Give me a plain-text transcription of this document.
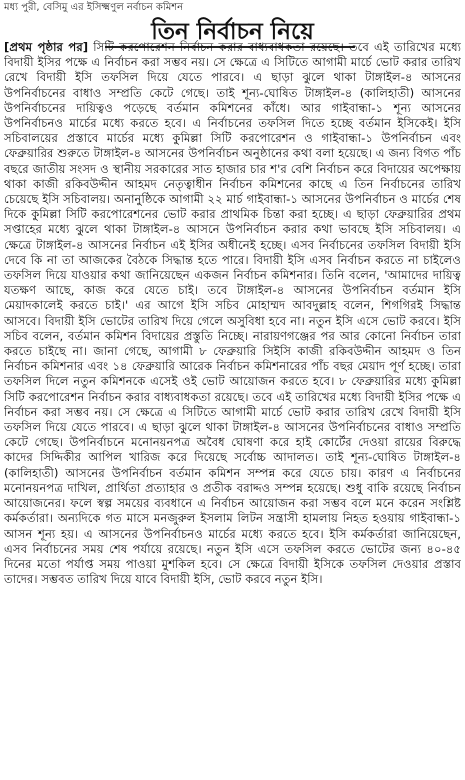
মধ্য পুরী, বেসিমু এর ইসিক্ষ্মণুল নর্বাচন কমিশন
তিন নির্বাচন নিয়ে

[প্রথম পৃষ্ঠার পর] সিটি করপোরেশন নির্বাচন করার বাধ্যবাধকতা রয়েছে। তবে এই তারিখের মধ্যে বিদায়ী ইসির পক্ষে এ নির্বাচন করা সম্ভব নয়। সে ক্ষেত্রে এ সিটিতে আগামী মার্চে ভোট করার তারিখ রেখে বিদায়ী ইসি তফসিল দিয়ে যেতে পারবে। এ ছাড়া ঝুলে থাকা টাঙ্গাইল-৪ আসনের উপনির্বাচনের বাধাও সম্প্রতি কেটে গেছে। তাই শূন্য-ঘোষিত টাঙ্গাইল-৪ (কালিহাতী) আসনের উপনির্বাচনের দায়িত্বও পড়েছে বর্তমান কমিশনের কাঁধে। আর গাইবান্ধা-১ শূন্য আসনের উপনির্বাচনও মার্চের মধ্যে করতে হবে। এ নির্বাচনের তফসিল দিতে হচ্ছে বর্তমান ইসিকেই। ইসি সচিবালয়ের প্রস্তাবে মার্চের মধ্যে কুমিল্লা সিটি করপোরেশন ও গাইবান্ধা-১ উপনির্বাচন এবং ফেব্রুয়ারির শুরুতে টাঙ্গাইল-৪ আসনের উপনির্বাচন অনুষ্ঠানের কথা বলা হয়েছে। এ জন্য বিগত পাঁচ বছরে জাতীয় সংসদ ও স্থানীয় সরকারের সাত হাজার চার শ'র বেশি নির্বাচন করে বিদায়ের অপেক্ষায় থাকা কাজী রকিবউদ্দীন আহমদ নেতৃত্বাধীন নির্বাচন কমিশনের কাছে এ তিন নির্বাচনের তারিখ চেয়েছে ইসি সচিবালয়। অনানুষ্ঠিকে আগামী ২২ মার্চ গাইবান্ধা-১ আসনের উপনির্বাচন ও মার্চের শেষ দিকে কুমিল্লা সিটি করপোরেশনের ভোট করার প্রাথমিক চিন্তা করা হচ্ছে। এ ছাড়া ফেব্রুয়ারির প্রথম সপ্তাহের মধ্যে ঝুলে থাকা টাঙ্গাইল-৪ আসনে উপনির্বাচন করার কথা ভাবছে ইসি সচিবালয়। এ ক্ষেত্রে টাঙ্গাইল-৪ আসনের নির্বাচন এই ইসির অধীনেই হচ্ছে। এসব নির্বাচনের তফসিল বিদায়ী ইসি দেবে কি না তা আজকের বৈঠকে সিদ্ধান্ত হতে পারে। বিদায়ী ইসি এসব নির্বাচন করতে না চাইলেও তফসিল দিয়ে যাওয়ার কথা জানিয়েছেন একজন নির্বাচন কমিশনার। তিনি বলেন, 'আমাদের দায়িত্ব যতক্ষণ আছে, কাজ করে যেতে চাই। তবে টাঙ্গাইল-৪ আসনের উপনির্বাচন বর্তমান ইসি মেয়াদকালেই করতে চাই।' এর আগে ইসি সচিব মোহাম্মদ আবদুল্লাহ বলেন, শিগগিরই সিদ্ধান্ত আসবে। বিদায়ী ইসি ভোটের তারিখ দিয়ে গেলে অসুবিধা হবে না। নতুন ইসি এসে ভোট করবে। ইসি সচিব বলেন, বর্তমান কমিশন বিদায়ের প্রস্তুতি নিচ্ছে। নারায়ণগঞ্জের পর আর কোনো নির্বাচন তারা করতে চাইছে না। জানা গেছে, আগামী ৮ ফেব্রুয়ারি সিইসি কাজী রকিবউদ্দীন আহমদ ও তিন নির্বাচন কমিশনার এবং ১৪ ফেব্রুয়ারি আরেক নির্বাচন কমিশনারের পাঁচ বছর মেয়াদ পূর্ণ হচ্ছে। তারা তফসিল দিলে নতুন কমিশনকে এসেই ওই ভোট আয়োজন করতে হবে। ৮ ফেব্রুয়ারির মধ্যে কুমিল্লা সিটি করপোরেশন নির্বাচন করার বাধ্যবাধকতা রয়েছে। তবে এই তারিখের মধ্যে বিদায়ী ইসির পক্ষে এ নির্বাচন করা সম্ভব নয়। সে ক্ষেত্রে এ সিটিতে আগামী মার্চে ভোট করার তারিখ রেখে বিদায়ী ইসি তফসিল দিয়ে যেতে পারবে। এ ছাড়া ঝুলে থাকা টাঙ্গাইল-৪ আসনের উপনির্বাচনের বাধাও সম্প্রতি কেটে গেছে। উপনির্বাচনে মনোনয়নপত্র অবৈধ ঘোষণা করে হাই কোর্টের দেওয়া রায়ের বিরুদ্ধে কাদের সিদ্দিকীর আপিল খারিজ করে দিয়েছে সর্বোচ্চ আদালত। তাই শূন্য-ঘোষিত টাঙ্গাইল-৪ (কালিহাতী) আসনের উপনির্বাচন বর্তমান কমিশন সম্পন্ন করে যেতে চায়। কারণ এ নির্বাচনের মনোনয়নপত্র দাখিল, প্রার্থিতা প্রত্যাহার ও প্রতীক বরাদ্দও সম্পন্ন হয়েছে। শুধু বাকি রয়েছে নির্বাচন আয়োজনের। ফলে স্বল্প সময়ের ব্যবধানে এ নির্বাচন আয়োজন করা সম্ভব বলে মনে করেন সংশ্লিষ্ট কর্মকর্তারা। অন্যদিকে গত মাসে মনজুরুল ইসলাম লিটন সন্ত্রাসী হামলায় নিহত হওয়ায় গাইবান্ধা-১ আসন শূন্য হয়। এ আসনের উপনির্বাচনও মার্চের মধ্যে করতে হবে। ইসি কর্মকর্তারা জানিয়েছেন, এসব নির্বাচনের সময় শেষ পর্যায়ে রয়েছে। নতুন ইসি এসে তফসিল করতে ভোটের জন্য ৪০-৪৫ দিনের মতো পর্যাপ্ত সময় পাওয়া মুশকিল হবে। সে ক্ষেত্রে বিদায়ী ইসিকে তফসিল দেওয়ার প্রস্তাব তাদের। সম্ভবত তারিখ দিয়ে যাবে বিদায়ী ইসি, ভোট করবে নতুন ইসি।
